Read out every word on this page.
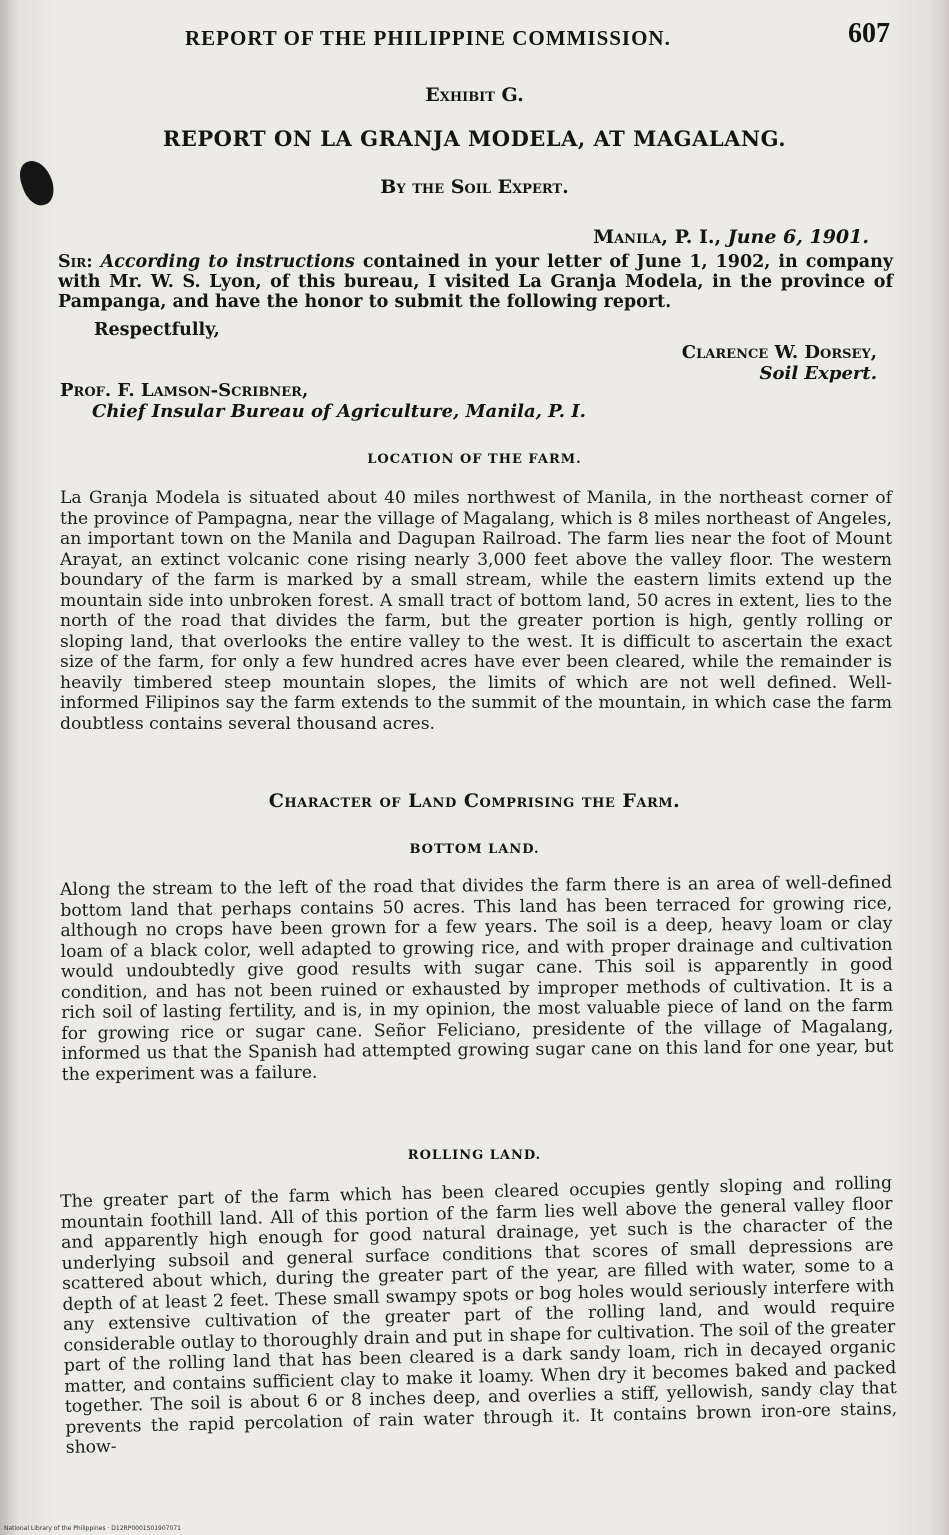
REPORT OF THE PHILIPPINE COMMISSION.	607
Exhibit G.
REPORT ON LA GRANJA MODELA, AT MAGALANG.
By the Soil Expert.
Manila, P. I., June 6, 1901.
Sir: According to instructions contained in your letter of June 1, 1902, in company with Mr. W. S. Lyon, of this bureau, I visited La Granja Modela, in the province of Pampanga, and have the honor to submit the following report.
Respectfully,
Clarence W. Dorsey,
Soil Expert.
Prof. F. Lamson-Scribner,
Chief Insular Bureau of Agriculture, Manila, P. I.
LOCATION OF THE FARM.
La Granja Modela is situated about 40 miles northwest of Manila, in the northeast corner of the province of Pampagna, near the village of Magalang, which is 8 miles northeast of Angeles, an important town on the Manila and Dagupan Railroad. The farm lies near the foot of Mount Arayat, an extinct volcanic cone rising nearly 3,000 feet above the valley floor. The western boundary of the farm is marked by a small stream, while the eastern limits extend up the mountain side into unbroken forest. A small tract of bottom land, 50 acres in extent, lies to the north of the road that divides the farm, but the greater portion is high, gently rolling or sloping land, that overlooks the entire valley to the west. It is difficult to ascertain the exact size of the farm, for only a few hundred acres have ever been cleared, while the remainder is heavily timbered steep mountain slopes, the limits of which are not well defined. Well-informed Filipinos say the farm extends to the summit of the mountain, in which case the farm doubtless contains several thousand acres.
Character of Land Comprising the Farm.
BOTTOM LAND.
Along the stream to the left of the road that divides the farm there is an area of well-defined bottom land that perhaps contains 50 acres. This land has been terraced for growing rice, although no crops have been grown for a few years. The soil is a deep, heavy loam or clay loam of a black color, well adapted to growing rice, and with proper drainage and cultivation would undoubtedly give good results with sugar cane. This soil is apparently in good condition, and has not been ruined or exhausted by improper methods of cultivation. It is a rich soil of lasting fertility, and is, in my opinion, the most valuable piece of land on the farm for growing rice or sugar cane. Señor Feliciano, presidente of the village of Magalang, informed us that the Spanish had attempted growing sugar cane on this land for one year, but the experiment was a failure.
ROLLING LAND.
The greater part of the farm which has been cleared occupies gently sloping and rolling mountain foothill land. All of this portion of the farm lies well above the general valley floor and apparently high enough for good natural drainage, yet such is the character of the underlying subsoil and general surface conditions that scores of small depressions are scattered about which, during the greater part of the year, are filled with water, some to a depth of at least 2 feet. These small swampy spots or bog holes would seriously interfere with any extensive cultivation of the greater part of the rolling land, and would require considerable outlay to thoroughly drain and put in shape for cultivation. The soil of the greater part of the rolling land that has been cleared is a dark sandy loam, rich in decayed organic matter, and contains sufficient clay to make it loamy. When dry it becomes baked and packed together. The soil is about 6 or 8 inches deep, and overlies a stiff, yellowish, sandy clay that prevents the rapid percolation of rain water through it. It contains brown iron-ore stains, show-
National Library of the Philippines · D12RP0001S01907071
